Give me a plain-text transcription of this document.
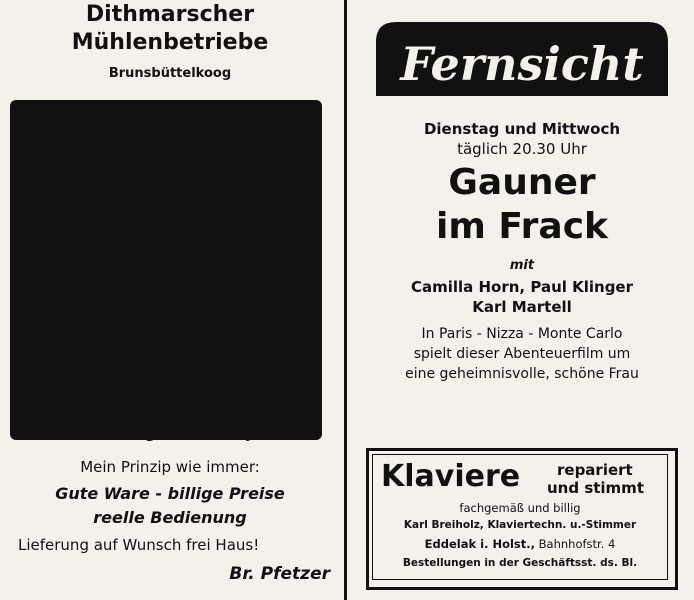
Dithmarscher
Mühlenbetriebe
Brunsbüttelkoog
Mein Prinzip wie immer:
Gute Ware - billige Preise
reelle Bedienung
Lieferung auf Wunsch frei Haus!
Br. Pfetzer
Fernsicht
Dienstag und Mittwoch
täglich 20.30 Uhr
Gauner
im Frack
mit
Camilla Horn, Paul Klinger
Karl Martell
In Paris - Nizza - Monte Carlo
spielt dieser Abenteuerfilm um
eine geheimnisvolle, schöne Frau
Klaviere repariert
und stimmt
fachgemäß und billig
Karl Breiholz, Klaviertechn. u.-Stimmer
Eddelak i. Holst., Bahnhofstr. 4
Bestellungen in der Geschäftsst. ds. Bl.
